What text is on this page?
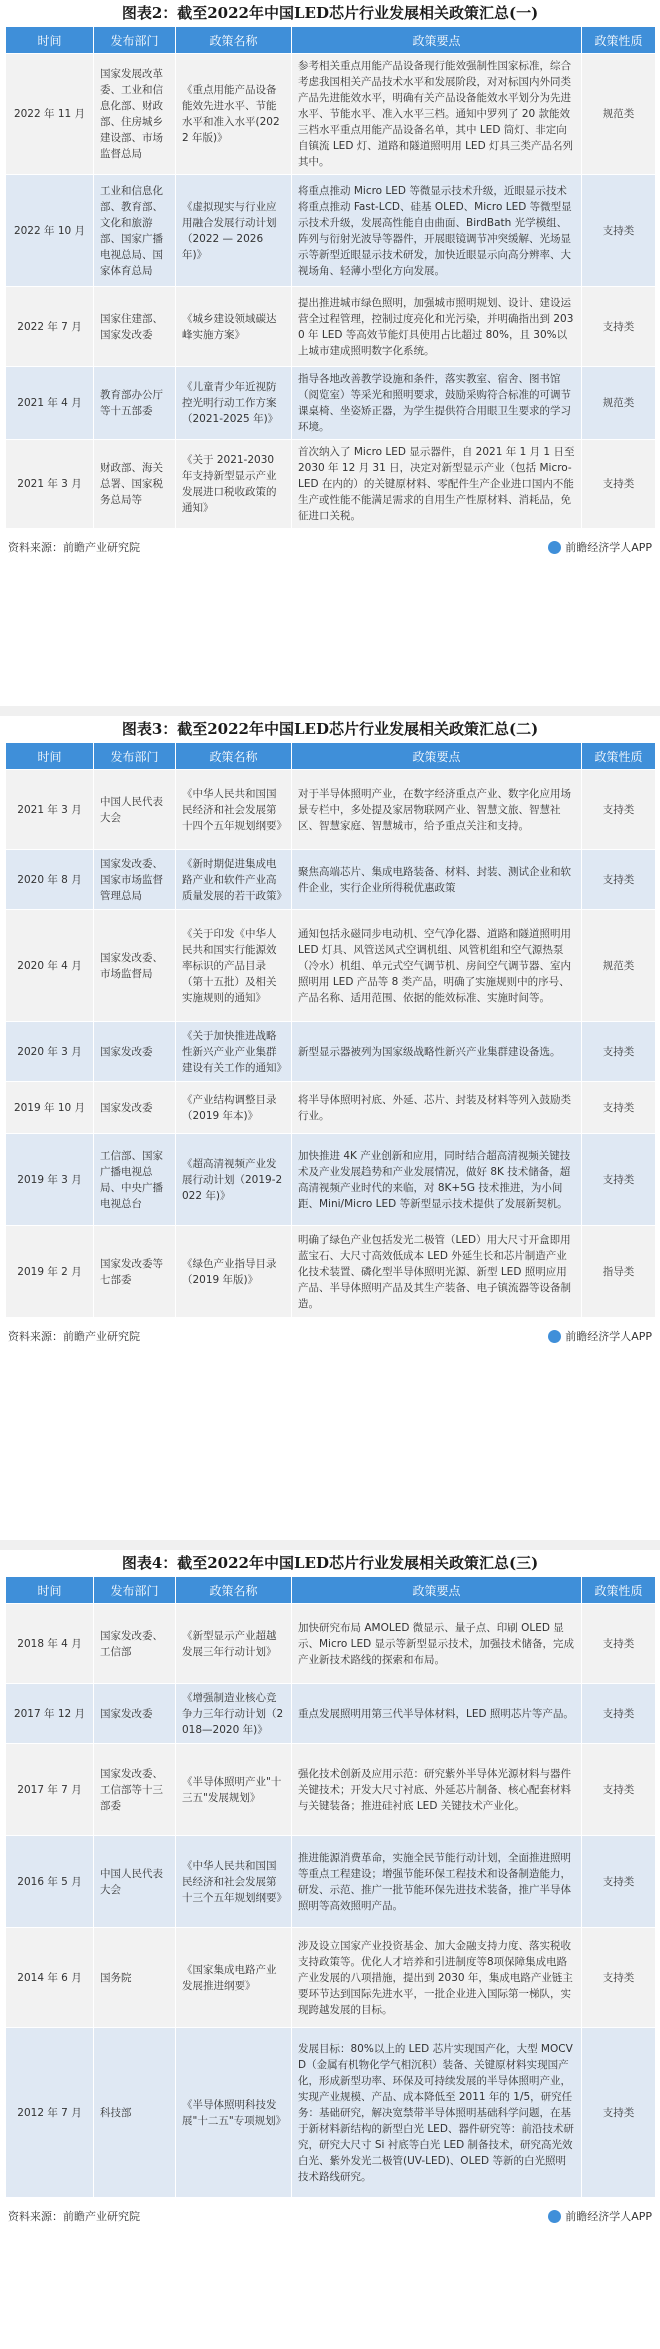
图表2：截至2022年中国LED芯片行业发展相关政策汇总(一)
时间	发布部门	政策名称	政策要点	政策性质
2022 年 11 月	国家发展改革委、工业和信息化部、财政部、住房城乡建设部、市场监督总局	《重点用能产品设备能效先进水平、节能水平和准入水平(2022 年版)》	参考相关重点用能产品设备现行能效强制性国家标准，综合考虑我国相关产品技术水平和发展阶段，对对标国内外同类产品先进能效水平，明确有关产品设备能效水平划分为先进水平、节能水平、准入水平三档。通知中罗列了 20 款能效三档水平重点用能产品设备名单，其中 LED 筒灯、非定向自镇流 LED 灯、道路和隧道照明用 LED 灯具三类产品名列其中。	规范类
2022 年 10 月	工业和信息化部、教育部、文化和旅游部、国家广播电视总局、国家体育总局	《虚拟现实与行业应用融合发展行动计划（2022 — 2026 年)》	将重点推动 Micro LED 等微显示技术升级，近眼显示技术将重点推动 Fast-LCD、硅基 OLED、Micro LED 等微型显示技术升级，发展高性能自由曲面、BirdBath 光学模组、阵列与衍射光波导等器件，开展眼镜调节冲突缓解、光场显示等新型近眼显示技术研发，加快近眼显示向高分辨率、大视场角、轻薄小型化方向发展。	支持类
2022 年 7 月	国家住建部、国家发改委	《城乡建设领域碳达峰实施方案》	提出推进城市绿色照明，加强城市照明规划、设计、建设运营全过程管理，控制过度亮化和光污染，并明确指出到 2030 年 LED 等高效节能灯具使用占比超过 80%，且 30%以上城市建成照明数字化系统。	支持类
2021 年 4 月	教育部办公厅等十五部委	《儿童青少年近视防控光明行动工作方案（2021-2025 年)》	指导各地改善教学设施和条件，落实教室、宿舍、图书馆（阅览室）等采光和照明要求，鼓励采购符合标准的可调节课桌椅、坐姿矫正器，为学生提供符合用眼卫生要求的学习环境。	规范类
2021 年 3 月	财政部、海关总署、国家税务总局等	《关于 2021-2030 年支持新型显示产业发展进口税收政策的通知》	首次纳入了 Micro LED 显示器件，自 2021 年 1 月 1 日至 2030 年 12 月 31 日，决定对新型显示产业（包括 Micro-LED 在内的）的关键原材料、零配件生产企业进口国内不能生产或性能不能满足需求的自用生产性原材料、消耗品，免征进口关税。	支持类
资料来源：前瞻产业研究院	前瞻经济学人APP
图表3：截至2022年中国LED芯片行业发展相关政策汇总(二)
时间	发布部门	政策名称	政策要点	政策性质
2021 年 3 月	中国人民代表大会	《中华人民共和国国民经济和社会发展第十四个五年规划纲要》	对于半导体照明产业，在数字经济重点产业、数字化应用场景专栏中，多处提及家居物联网产业、智慧文旅、智慧社区、智慧家庭、智慧城市，给予重点关注和支持。	支持类
2020 年 8 月	国家发改委、国家市场监督管理总局	《新时期促进集成电路产业和软件产业高质量发展的若干政策》	聚焦高端芯片、集成电路装备、材料、封装、测试企业和软件企业，实行企业所得税优惠政策	支持类
2020 年 4 月	国家发改委、市场监督局	《关于印发《中华人民共和国实行能源效率标识的产品目录（第十五批）及相关实施规则的通知》	通知包括永磁同步电动机、空气净化器、道路和隧道照明用 LED 灯具、风管送风式空调机组、风管机组和空气源热泵（冷水）机组、单元式空气调节机、房间空气调节器、室内照明用 LED 产品等 8 类产品，明确了实施规则中的序号、产品名称、适用范围、依据的能效标准、实施时间等。	规范类
2020 年 3 月	国家发改委	《关于加快推进战略性新兴产业产业集群建设有关工作的通知》	新型显示器被列为国家级战略性新兴产业集群建设备选。	支持类
2019 年 10 月	国家发改委	《产业结构调整目录（2019 年本)》	将半导体照明衬底、外延、芯片、封装及材料等列入鼓励类行业。	支持类
2019 年 3 月	工信部、国家广播电视总局、中央广播电视总台	《超高清视频产业发展行动计划（2019-2022 年)》	加快推进 4K 产业创新和应用，同时结合超高清视频关键技术及产业发展趋势和产业发展情况，做好 8K 技术储备，超高清视频产业时代的来临，对 8K+5G 技术推进，为小间距、Mini/Micro LED 等新型显示技术提供了发展新契机。	支持类
2019 年 2 月	国家发改委等七部委	《绿色产业指导目录（2019 年版)》	明确了绿色产业包括发光二极管（LED）用大尺寸开盒即用蓝宝石、大尺寸高效低成本 LED 外延生长和芯片制造产业化技术装置、磷化型半导体照明光源、新型 LED 照明应用产品、半导体照明产品及其生产装备、电子镇流器等设备制造。	指导类
资料来源：前瞻产业研究院	前瞻经济学人APP
图表4：截至2022年中国LED芯片行业发展相关政策汇总(三)
时间	发布部门	政策名称	政策要点	政策性质
2018 年 4 月	国家发改委、工信部	《新型显示产业超越发展三年行动计划》	加快研究布局 AMOLED 微显示、量子点、印刷 OLED 显示、Micro LED 显示等新型显示技术，加强技术储备，完成产业新技术路线的探索和布局。	支持类
2017 年 12 月	国家发改委	《增强制造业核心竞争力三年行动计划（2018—2020 年)》	重点发展照明用第三代半导体材料，LED 照明芯片等产品。	支持类
2017 年 7 月	国家发改委、工信部等十三部委	《半导体照明产业"十三五"发展规划》	强化技术创新及应用示范：研究紫外半导体光源材料与器件关键技术；开发大尺寸衬底、外延芯片制备、核心配套材料与关键装备；推进硅衬底 LED 关键技术产业化。	支持类
2016 年 5 月	中国人民代表大会	《中华人民共和国国民经济和社会发展第十三个五年规划纲要》	推进能源消费革命，实施全民节能行动计划，全面推进照明等重点工程建设；增强节能环保工程技术和设备制造能力，研发、示范、推广一批节能环保先进技术装备，推广半导体照明等高效照明产品。	支持类
2014 年 6 月	国务院	《国家集成电路产业发展推进纲要》	涉及设立国家产业投资基金、加大金融支持力度、落实税收支持政策等。优化人才培养和引进制度等8项保障集成电路产业发展的八项措施，提出到 2030 年，集成电路产业链主要环节达到国际先进水平，一批企业进入国际第一梯队，实现跨越发展的目标。	支持类
2012 年 7 月	科技部	《半导体照明科技发展"十二五"专项规划》	发展目标：80%以上的 LED 芯片实现国产化，大型 MOCVD（金属有机物化学气相沉积）装备、关键原材料实现国产化，形成新型功率、环保及可持续发展的半导体照明产业，实现产业规模、产品、成本降低至 2011 年的 1/5，研究任务：基础研究，解决宽禁带半导体照明基础科学问题，在基于新材料新结构的新型白光 LED、器件研究等：前沿技术研究，研究大尺寸 Si 衬底等白光 LED 制备技术，研究高光效白光、紫外发光二极管(UV-LED)、OLED 等新的白光照明技术路线研究。	支持类
资料来源：前瞻产业研究院	前瞻经济学人APP
